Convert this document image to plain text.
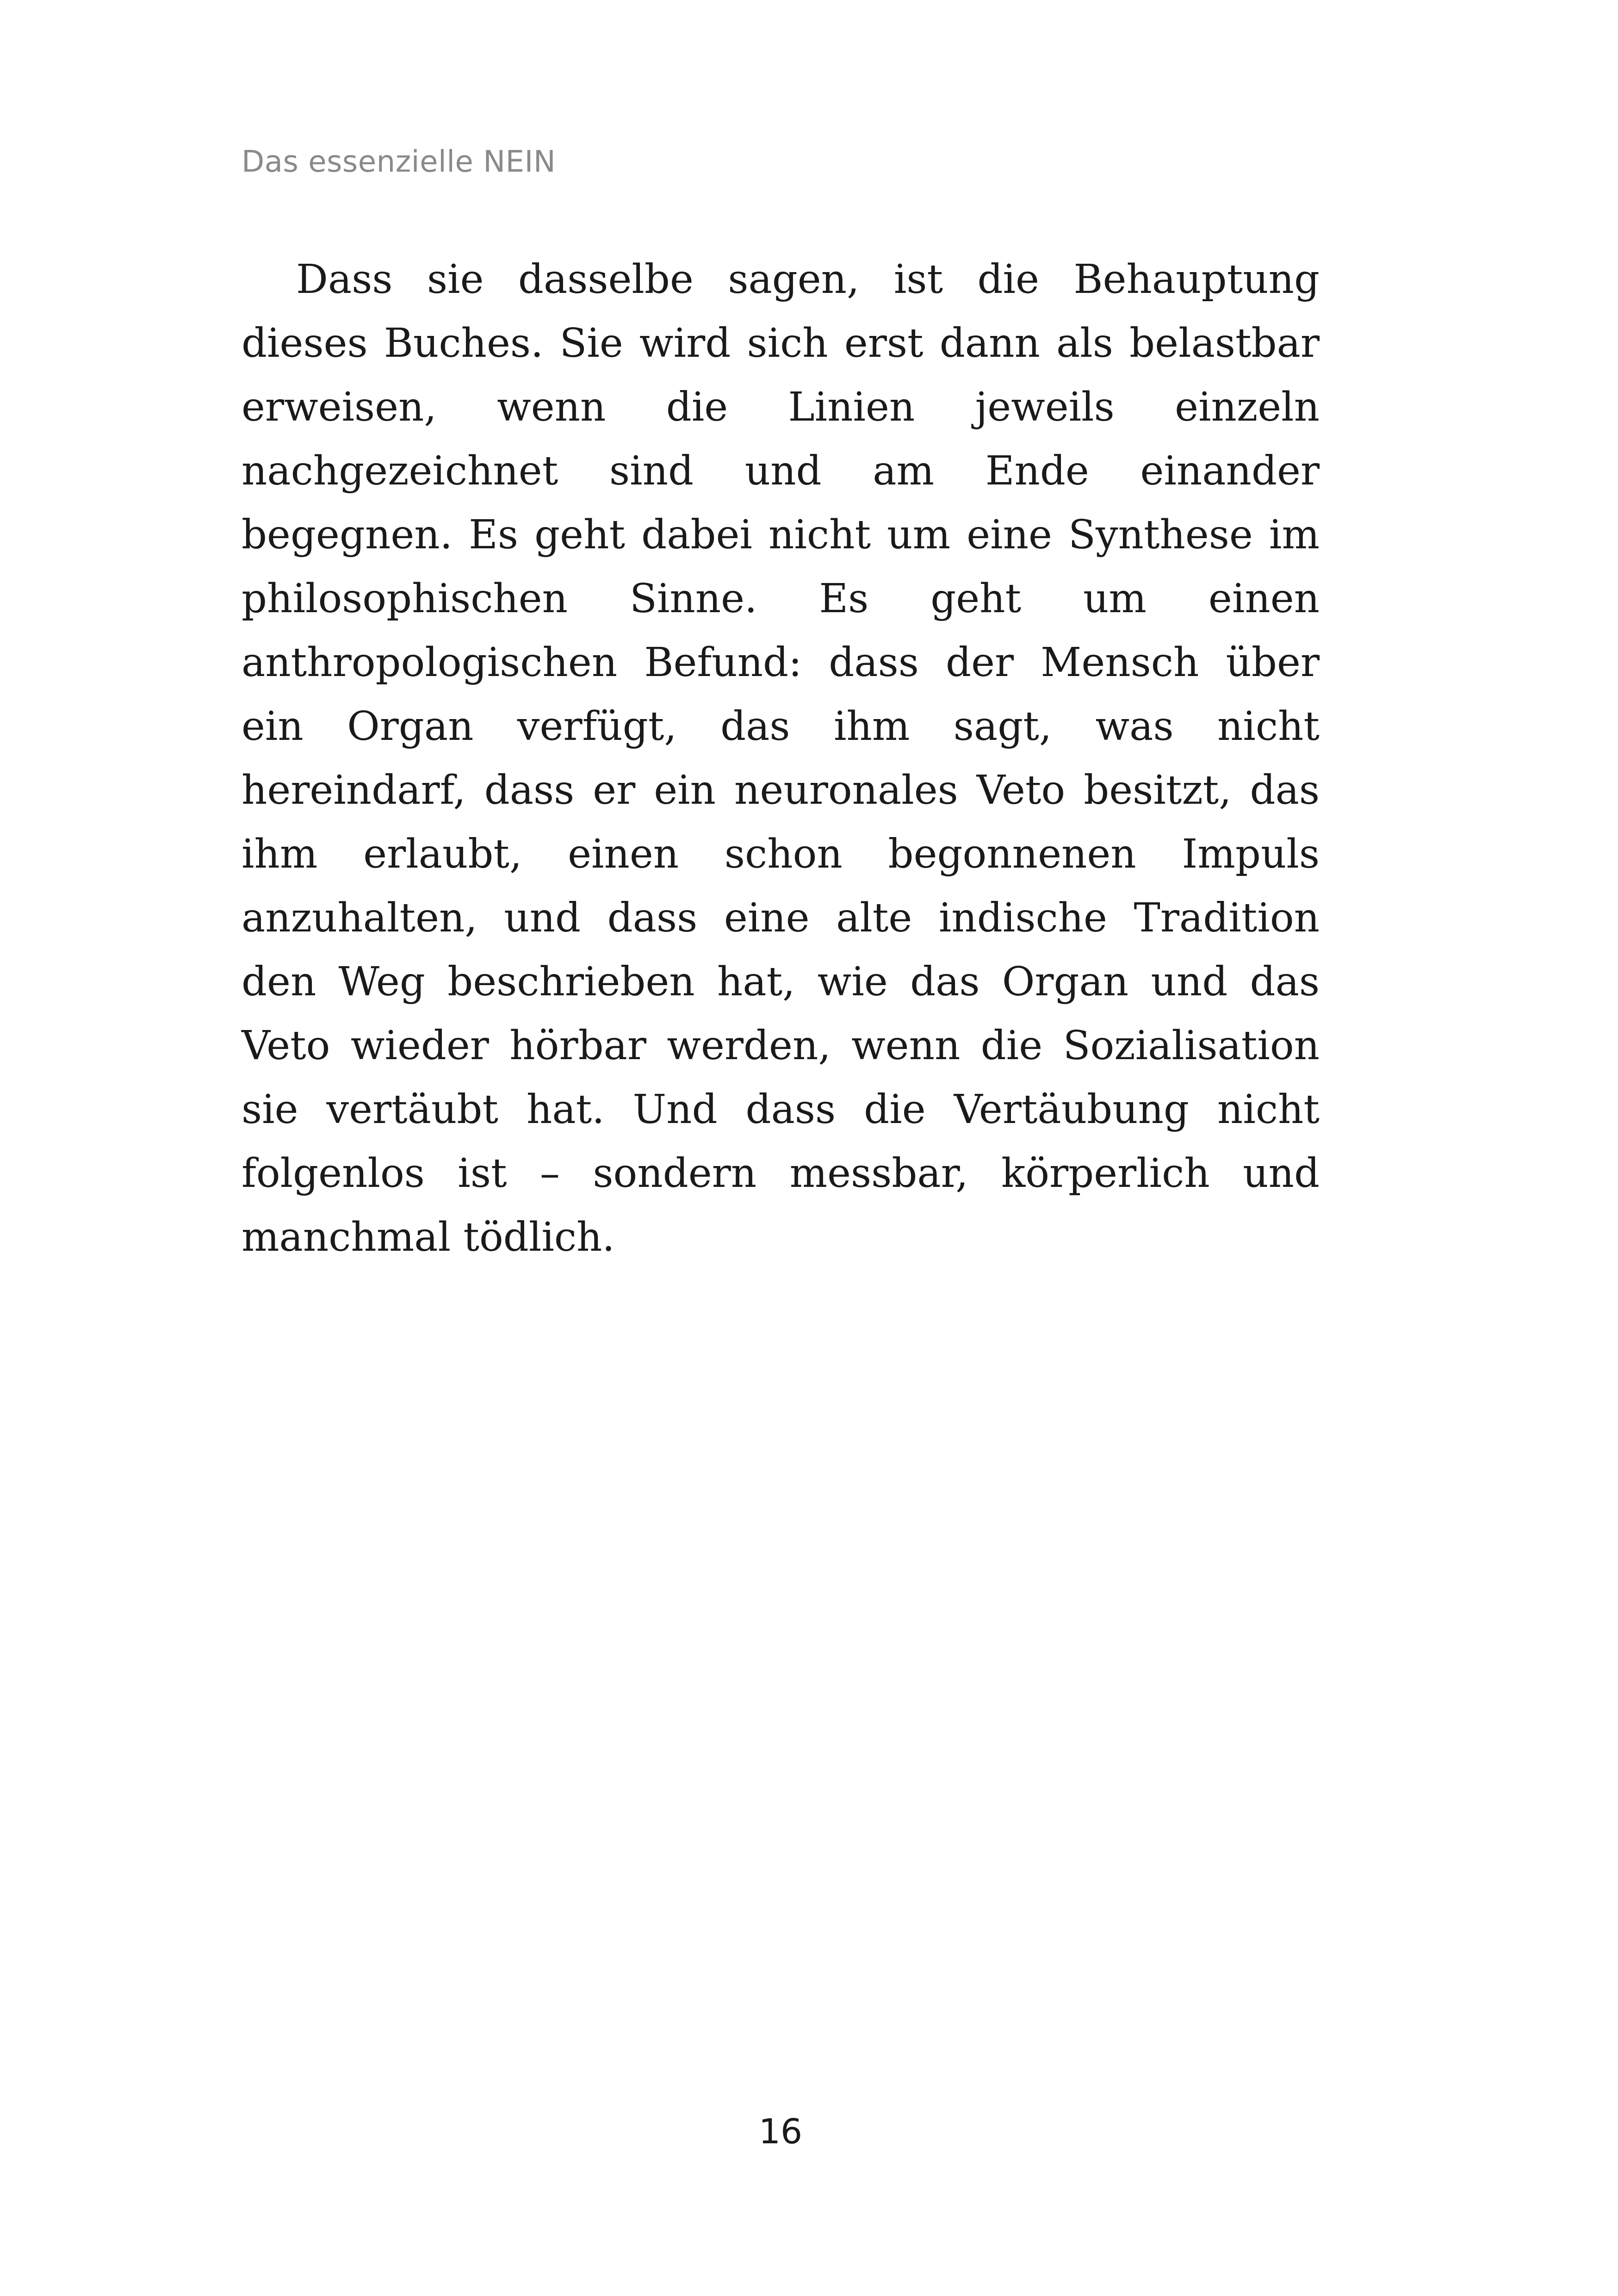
Das essenzielle NEIN

Dass sie dasselbe sagen, ist die Behauptung dieses Buches. Sie wird sich erst dann als belastbar erweisen, wenn die Linien jeweils einzeln nachgezeichnet sind und am Ende einander begegnen. Es geht dabei nicht um eine Synthese im philosophischen Sinne. Es geht um einen anthropologischen Befund: dass der Mensch über ein Organ verfügt, das ihm sagt, was nicht hereindarf, dass er ein neuronales Veto besitzt, das ihm erlaubt, einen schon begonnenen Impuls anzuhalten, und dass eine alte indische Tradition den Weg beschrieben hat, wie das Organ und das Veto wieder hörbar werden, wenn die Sozialisation sie vertäubt hat. Und dass die Vertäubung nicht folgenlos ist – sondern messbar, körperlich und manchmal tödlich.

16
